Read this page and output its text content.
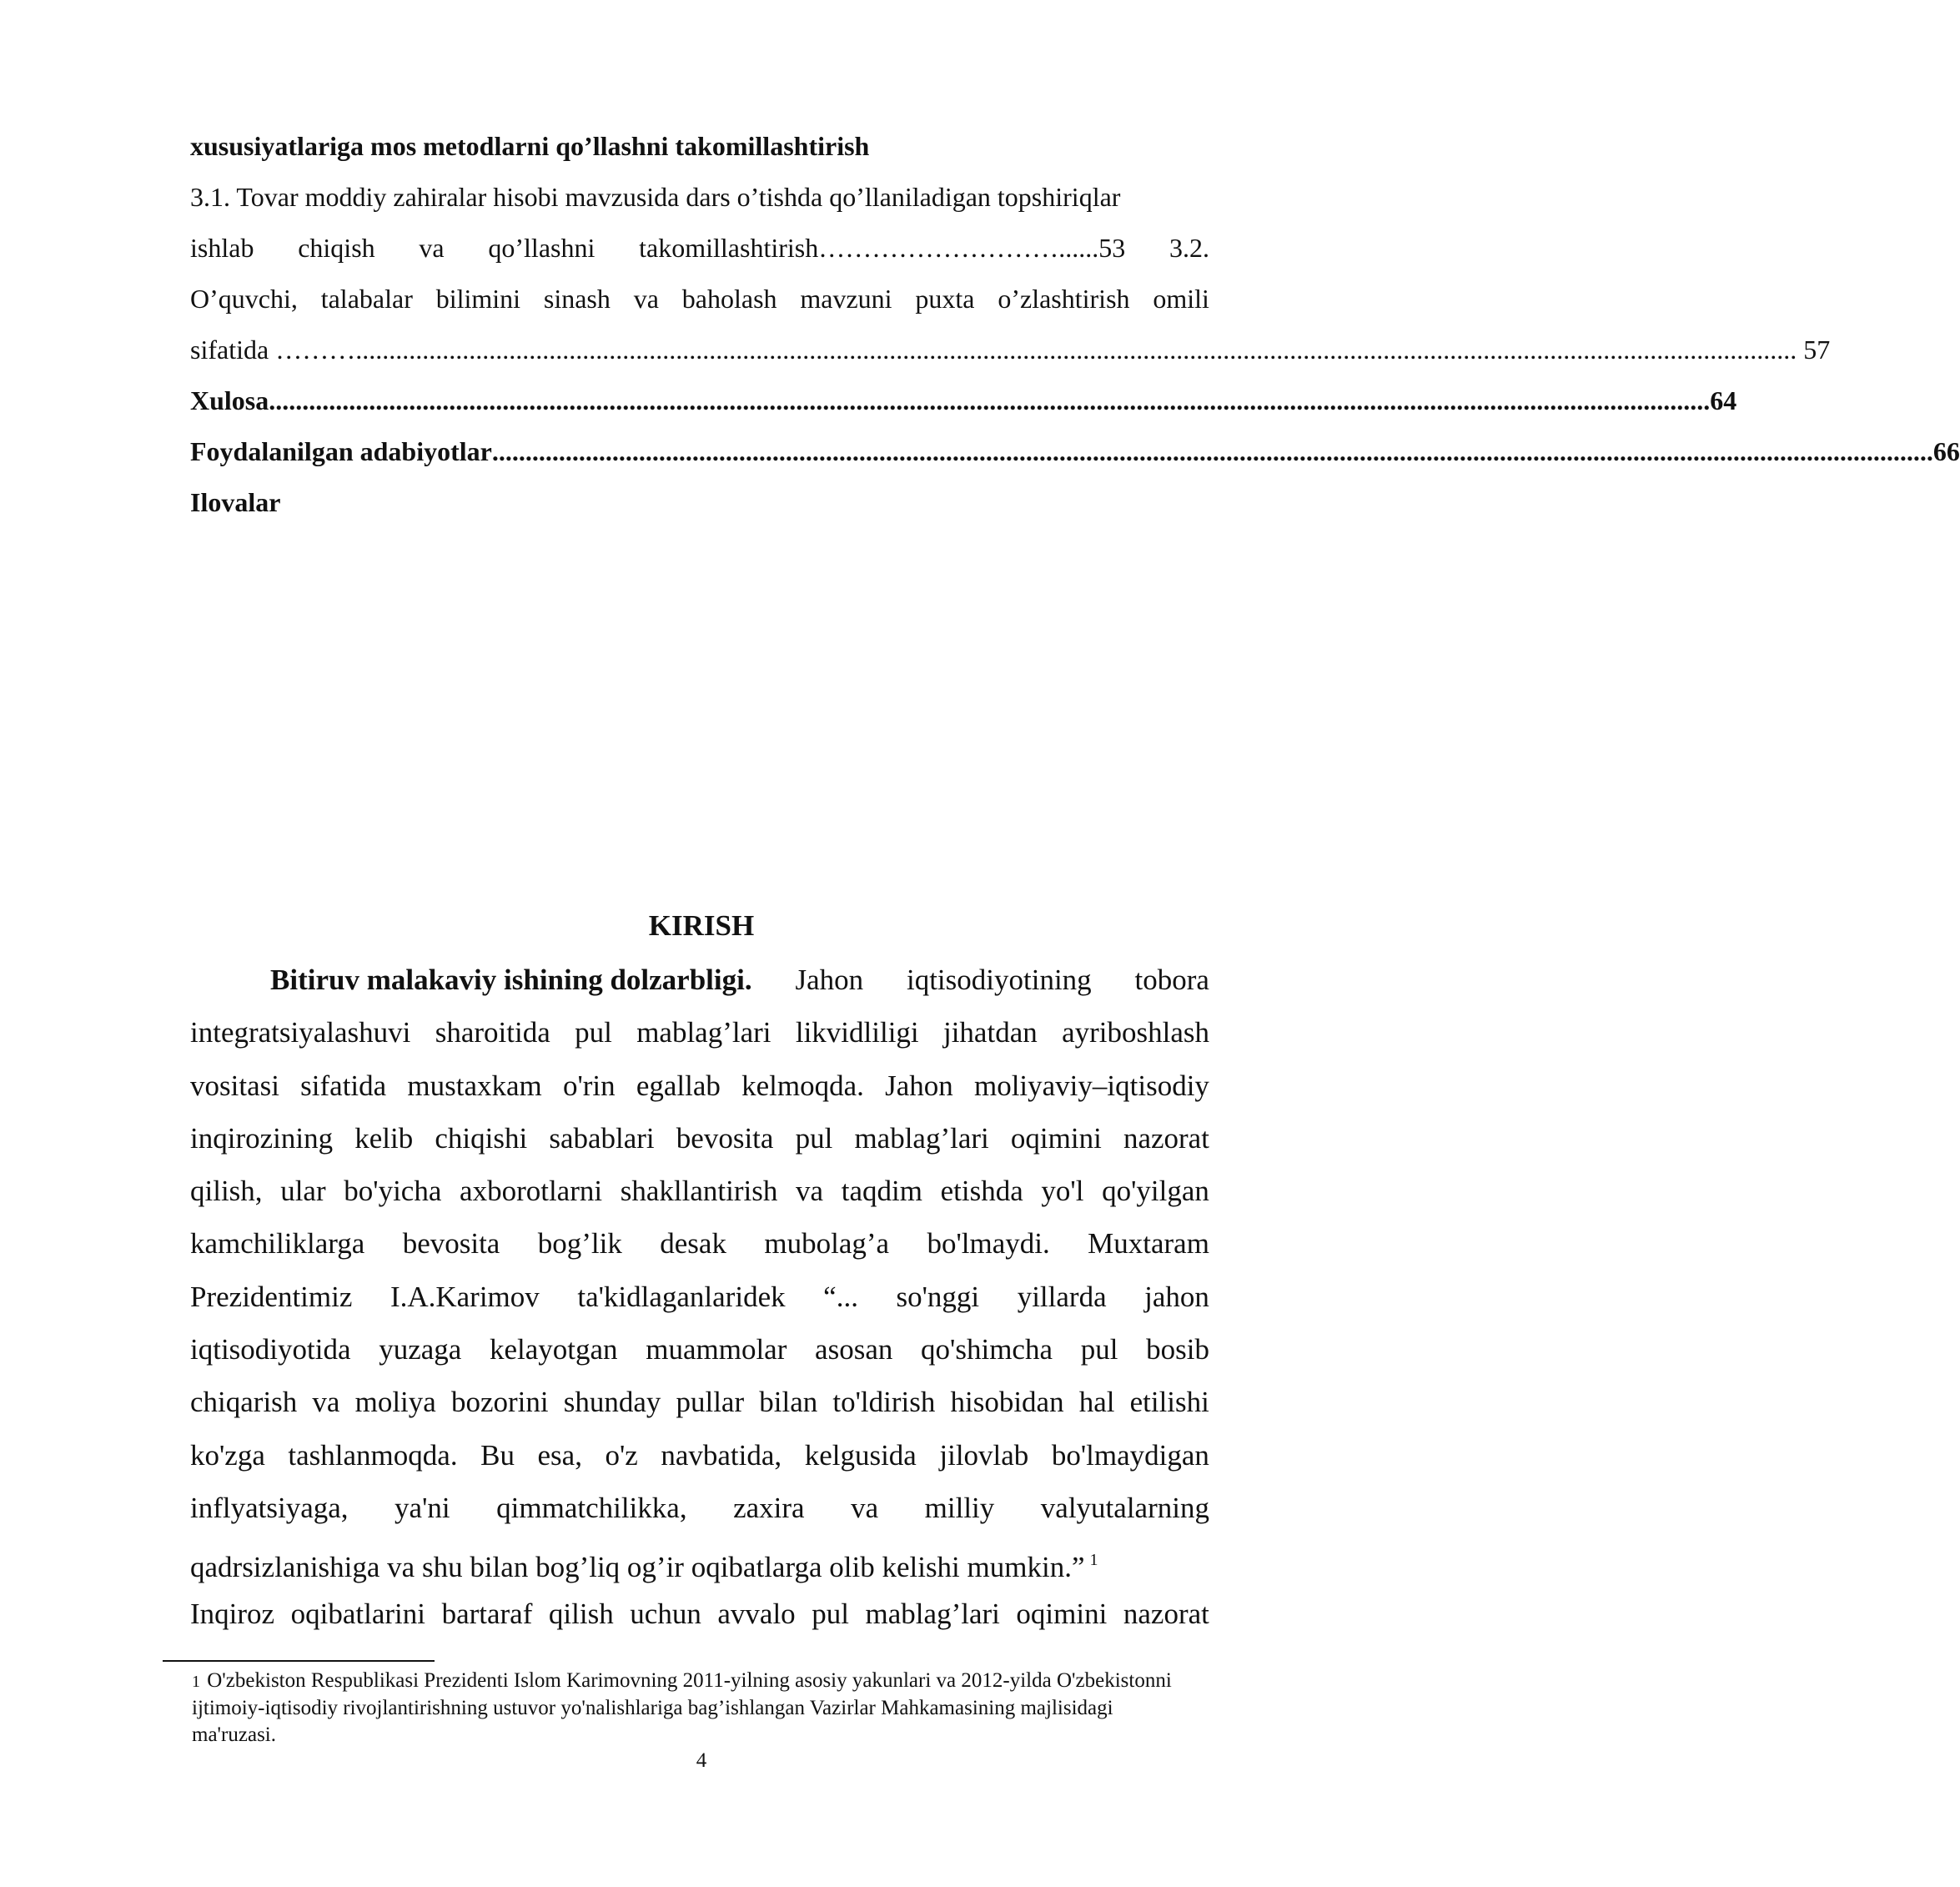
xususiyatlariga mos metodlarni qo’llashni takomillashtirish
3.1. Tovar moddiy zahiralar hisobi mavzusida dars o’tishda qo’llaniladigan topshiriqlar
ishlab chiqish va qo’llashni takomillashtirish………………………......53 3.2.
O’quvchi, talabalar bilimini sinash va baholash mavzuni puxta o’zlashtirish omili
sifatida ……… ........................................................................................................................................................................................................................ 57
Xulosa ........................................................................................................................................................................................................................ 64
Foydalanilgan adabiyotlar ........................................................................................................................................................................................................................ 66
Ilovalar
KIRISH
Bitiruv malakaviy ishining dolzarbligi. Jahon iqtisodiyotining tobora
integratsiyalashuvi sharoitida pul mablag’lari likvidliligi jihatdan ayriboshlash
vositasi sifatida mustaxkam o'rin egallab kelmoqda. Jahon moliyaviy–iqtisodiy
inqirozining kelib chiqishi sabablari bevosita pul mablag’lari oqimini nazorat
qilish, ular bo'yicha axborotlarni shakllantirish va taqdim etishda yo'l qo'yilgan
kamchiliklarga bevosita bog’lik desak mubolag’a bo'lmaydi. Muxtaram
Prezidentimiz I.A.Karimov ta'kidlaganlaridek “... so'nggi yillarda jahon
iqtisodiyotida yuzaga kelayotgan muammolar asosan qo'shimcha pul bosib
chiqarish va moliya bozorini shunday pullar bilan to'ldirish hisobidan hal etilishi
ko'zga tashlanmoqda. Bu esa, o'z navbatida, kelgusida jilovlab bo'lmaydigan
inflyatsiyaga, ya'ni qimmatchilikka, zaxira va milliy valyutalarning
qadrsizlanishiga va shu bilan bog’liq og’ir oqibatlarga olib kelishi mumkin.” $^1$
Inqiroz oqibatlarini bartaraf qilish uchun avvalo pul mablag’lari oqimini nazorat
1 O'zbekiston Respublikasi Prezidenti Islom Karimovning 2011-yilning asosiy yakunlari va 2012-yilda O'zbekistonni ijtimoiy-iqtisodiy rivojlantirishning ustuvor yo'nalishlariga bag’ishlangan Vazirlar Mahkamasining majlisidagi ma'ruzasi.
4
